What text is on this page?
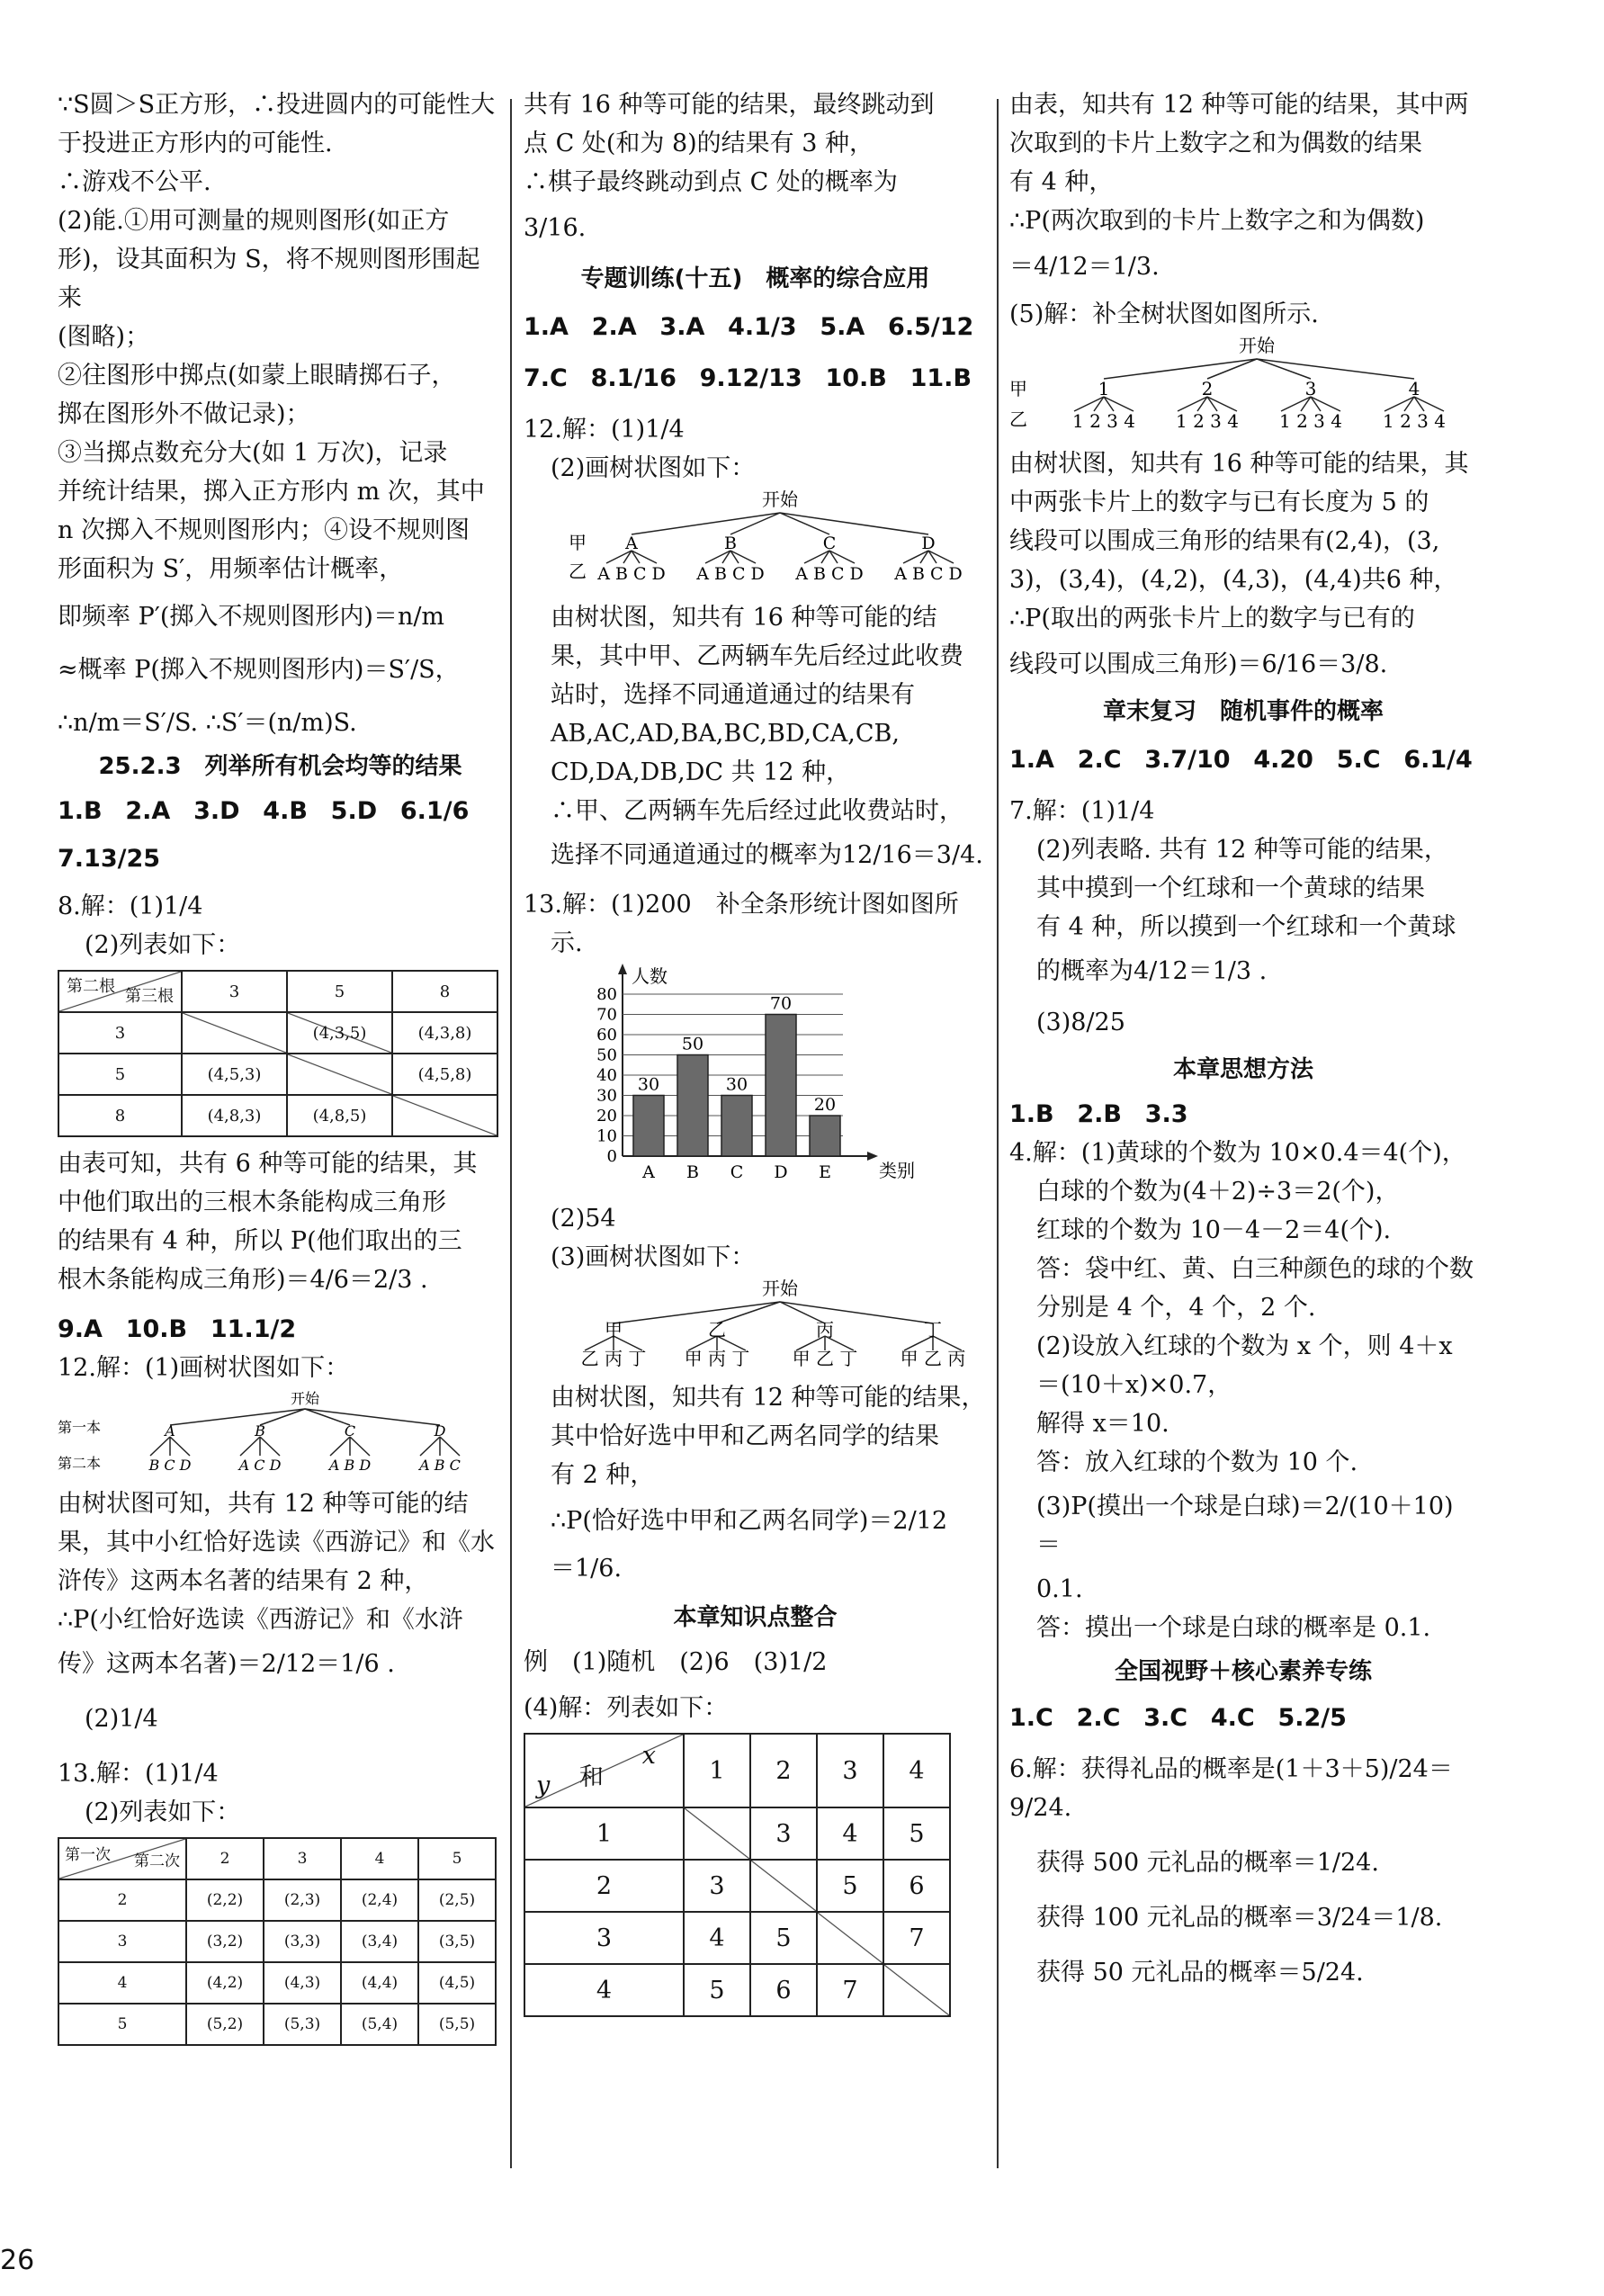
∵S圆＞S正方形，∴投进圆内的可能性大

于投进正方形内的可能性.

∴游戏不公平.

(2)能.①用可测量的规则图形(如正方

形)，设其面积为 S，将不规则图形围起来

(图略)；

②往图形中掷点(如蒙上眼睛掷石子，

掷在图形外不做记录)；

③当掷点数充分大(如 1 万次)，记录

并统计结果，掷入正方形内 m 次，其中

n 次掷入不规则图形内；④设不规则图

形面积为 S′，用频率估计概率，

即频率 P′(掷入不规则图形内)＝n/m

≈概率 P(掷入不规则图形内)＝S′/S，

∴n/m＝S′/S. ∴S′＝(n/m)S.

25.2.3　列举所有机会均等的结果

1.B 2.A 3.D 4.B 5.D 6.1/6

7.13/25

8.解：(1)1/4

(2)列表如下：

第三根
第二根	3	5	8
3		(4,3,5)	(4,3,8)
5	(4,5,3)		(4,5,8)
8	(4,8,3)	(4,8,5)	

由表可知，共有 6 种等可能的结果，其

中他们取出的三根木条能构成三角形

的结果有 4 种，所以 P(他们取出的三

根木条能构成三角形)＝4/6＝2/3 .

9.A 10.B 11.1/2

12.解：(1)画树状图如下：

开始
第一本
第二本
A	B	C	D
B C D	A C D	A B D	A B C

由树状图可知，共有 12 种等可能的结

果，其中小红恰好选读《西游记》和《水

浒传》这两本名著的结果有 2 种，

∴P(小红恰好选读《西游记》和《水浒

传》这两本名著)＝2/12＝1/6 .

(2)1/4

13.解：(1)1/4

(2)列表如下：

第二次
第一次	2	3	4	5
2	(2,2)	(2,3)	(2,4)	(2,5)
3	(3,2)	(3,3)	(3,4)	(3,5)
4	(4,2)	(4,3)	(4,4)	(4,5)
5	(5,2)	(5,3)	(5,4)	(5,5)

共有 16 种等可能的结果，最终跳动到

点 C 处(和为 8)的结果有 3 种，

∴棋子最终跳动到点 C 处的概率为

3/16.

专题训练(十五)　概率的综合应用

1.A 2.A 3.A 4.1/3 5.A 6.5/12

7.C 8.1/16 9.12/13 10.B 11.B

12.解：(1)1/4

(2)画树状图如下：

开始
甲
乙
A	B	C	D
A B C D A B C D A B C D A B C D

由树状图，知共有 16 种等可能的结

果，其中甲、乙两辆车先后经过此收费

站时，选择不同通道通过的结果有

AB,AC,AD,BA,BC,BD,CA,CB,

CD,DA,DB,DC 共 12 种，

∴甲、乙两辆车先后经过此收费站时，

选择不同通道通过的概率为12/16＝3/4.

13.解：(1)200　补全条形统计图如图所

示.

人数
类别
0
10
20
30
40
50
60
70
80
30
A
50
B
30
C
70
D
20
E

(2)54

(3)画树状图如下：

开始
甲	乙	丙	丁
乙 丙 丁 甲 丙 丁 甲 乙 丁 甲 乙 丙

由树状图，知共有 12 种等可能的结果，

其中恰好选中甲和乙两名同学的结果

有 2 种，

∴P(恰好选中甲和乙两名同学)＝2/12

＝1/6.

本章知识点整合

例　(1)随机　(2)6　(3)1/2

(4)解：列表如下：

x
和
y	1	2	3	4
1		3	4	5
2	3		5	6
3	4	5		7
4	5	6	7	

由表，知共有 12 种等可能的结果，其中两

次取到的卡片上数字之和为偶数的结果

有 4 种，

∴P(两次取到的卡片上数字之和为偶数)

＝4/12＝1/3.

(5)解：补全树状图如图所示.

开始
甲
乙
1	2	3	4
1 2 3 4 1 2 3 4 1 2 3 4 1 2 3 4

由树状图，知共有 16 种等可能的结果，其

中两张卡片上的数字与已有长度为 5 的

线段可以围成三角形的结果有(2,4)，(3,

3)，(3,4)，(4,2)，(4,3)，(4,4)共6 种，

∴P(取出的两张卡片上的数字与已有的

线段可以围成三角形)＝6/16＝3/8.

章末复习　随机事件的概率

1.A 2.C 3.7/10 4.20 5.C 6.1/4

7.解：(1)1/4

(2)列表略. 共有 12 种等可能的结果，

其中摸到一个红球和一个黄球的结果

有 4 种，所以摸到一个红球和一个黄球

的概率为4/12＝1/3 .

(3)8/25

本章思想方法

1.B 2.B 3.3

4.解：(1)黄球的个数为 10×0.4＝4(个)，

白球的个数为(4＋2)÷3＝2(个)，

红球的个数为 10－4－2＝4(个).

答：袋中红、黄、白三种颜色的球的个数

分别是 4 个，4 个，2 个.

(2)设放入红球的个数为 x 个，则 4＋x

＝(10＋x)×0.7，

解得 x＝10.

答：放入红球的个数为 10 个.

(3)P(摸出一个球是白球)＝2/(10＋10)＝

0.1.

答：摸出一个球是白球的概率是 0.1.

全国视野＋核心素养专练

1.C 2.C 3.C 4.C 5.2/5

6.解：获得礼品的概率是(1＋3＋5)/24＝9/24.

获得 500 元礼品的概率＝1/24.

获得 100 元礼品的概率＝3/24＝1/8.

获得 50 元礼品的概率＝5/24.

26
